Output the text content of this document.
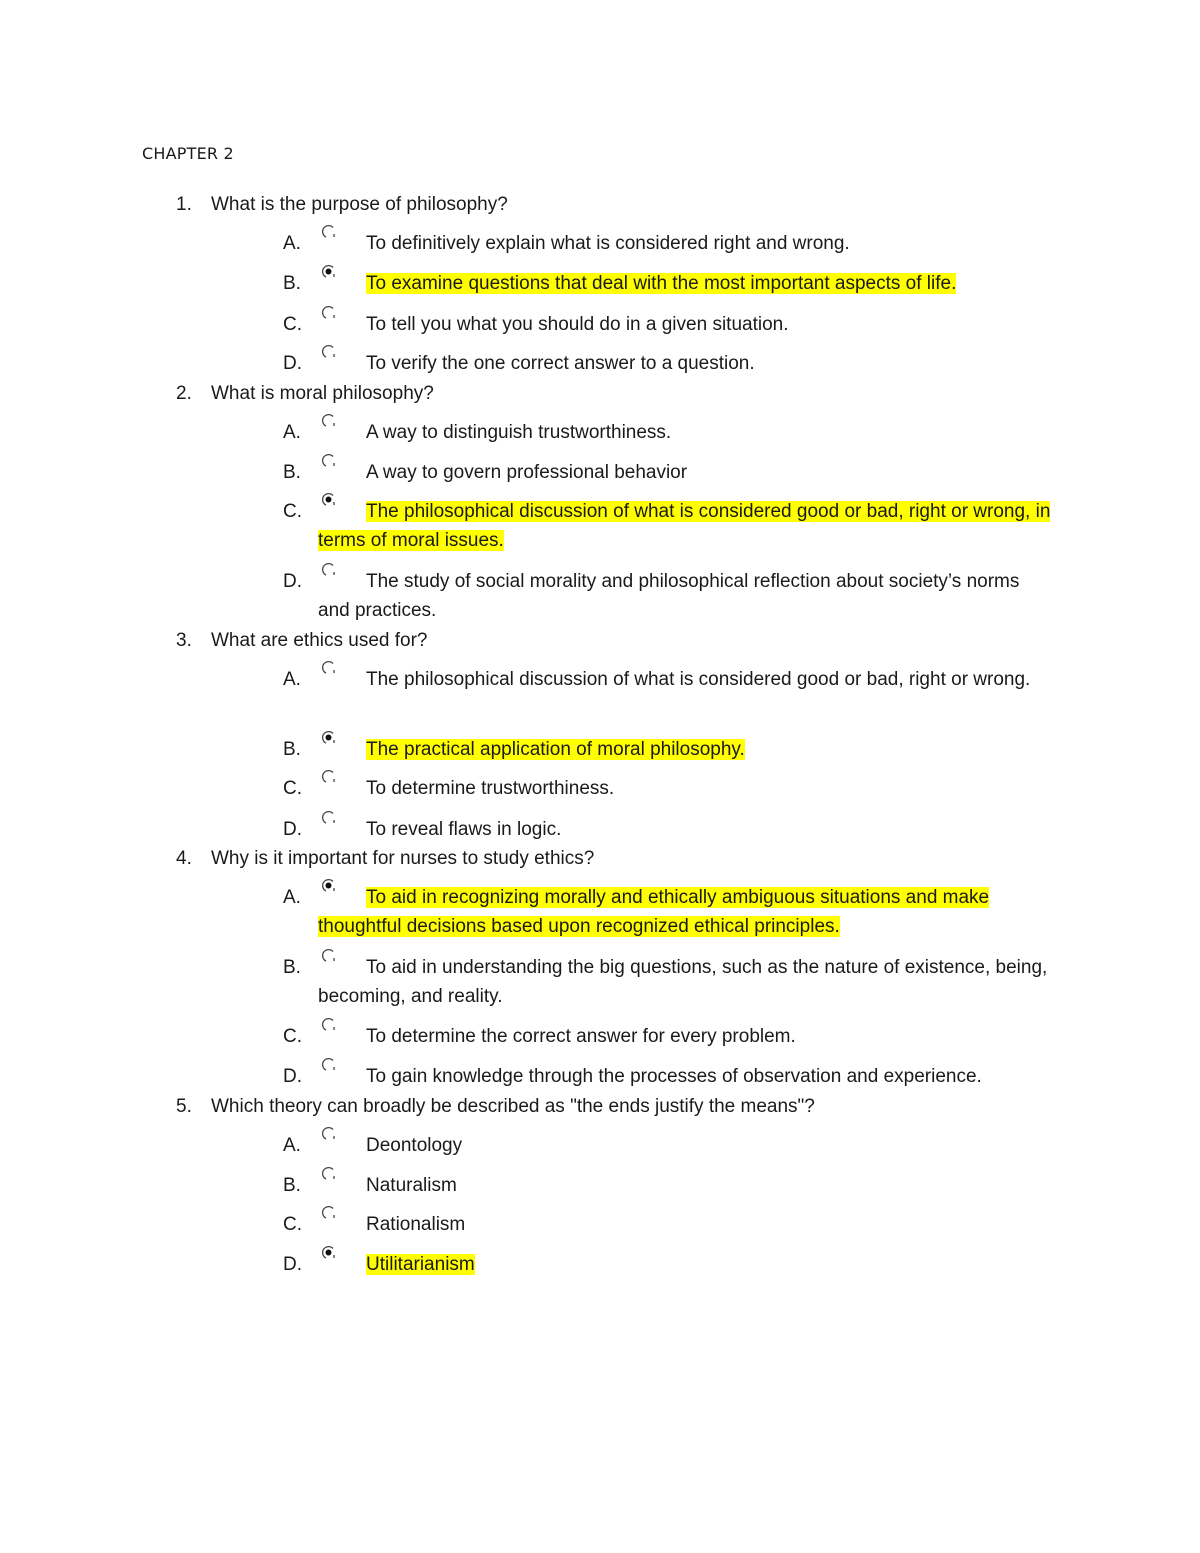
CHAPTER 2
1. What is the purpose of philosophy?
A.	To definitively explain what is considered right and wrong.
B.	To examine questions that deal with the most important aspects of life.
C.	To tell you what you should do in a given situation.
D.	To verify the one correct answer to a question.
2. What is moral philosophy?
A.	A way to distinguish trustworthiness.
B.	A way to govern professional behavior
C.	The philosophical discussion of what is considered good or bad, right or wrong, in terms of moral issues.
D.	The study of social morality and philosophical reflection about society’s norms and practices.
3. What are ethics used for?
A.	The philosophical discussion of what is considered good or bad, right or wrong.
B.	The practical application of moral philosophy.
C.	To determine trustworthiness.
D.	To reveal flaws in logic.
4. Why is it important for nurses to study ethics?
A.	To aid in recognizing morally and ethically ambiguous situations and make thoughtful decisions based upon recognized ethical principles.
B.	To aid in understanding the big questions, such as the nature of existence, being, becoming, and reality.
C.	To determine the correct answer for every problem.
D.	To gain knowledge through the processes of observation and experience.
5. Which theory can broadly be described as "the ends justify the means"?
A.	Deontology
B.	Naturalism
C.	Rationalism
D.	Utilitarianism
